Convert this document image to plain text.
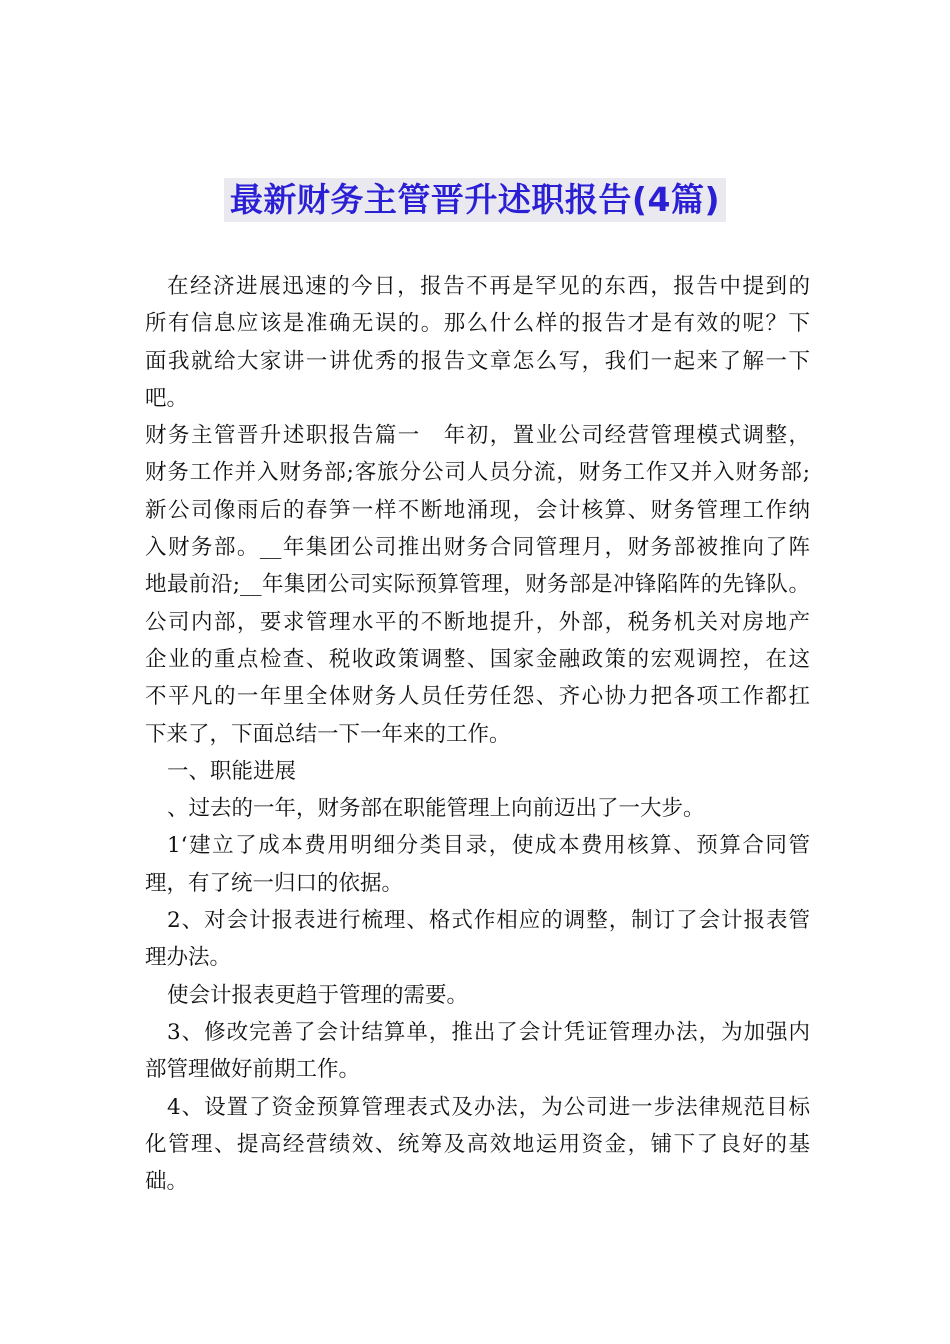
最新财务主管晋升述职报告(4篇)
在经济进展迅速的今日，报告不再是罕见的东西，报告中提到的
所有信息应该是准确无误的。那么什么样的报告才是有效的呢？下
面我就给大家讲一讲优秀的报告文章怎么写，我们一起来了解一下
吧。
财务主管晋升述职报告篇一　年初，置业公司经营管理模式调整，
财务工作并入财务部;客旅分公司人员分流，财务工作又并入财务部;
新公司像雨后的春笋一样不断地涌现，会计核算、财务管理工作纳
入财务部。__年集团公司推出财务合同管理月，财务部被推向了阵
地最前沿;__年集团公司实际预算管理，财务部是冲锋陷阵的先锋队。
公司内部，要求管理水平的不断地提升，外部，税务机关对房地产
企业的重点检查、税收政策调整、国家金融政策的宏观调控，在这
不平凡的一年里全体财务人员任劳任怨、齐心协力把各项工作都扛
下来了，下面总结一下一年来的工作。
一、职能进展
、过去的一年，财务部在职能管理上向前迈出了一大步。
1‘建立了成本费用明细分类目录，使成本费用核算、预算合同管
理，有了统一归口的依据。
2、对会计报表进行梳理、格式作相应的调整，制订了会计报表管
理办法。
使会计报表更趋于管理的需要。
3、修改完善了会计结算单，推出了会计凭证管理办法，为加强内
部管理做好前期工作。
4、设置了资金预算管理表式及办法，为公司进一步法律规范目标
化管理、提高经营绩效、统筹及高效地运用资金，铺下了良好的基
础。
